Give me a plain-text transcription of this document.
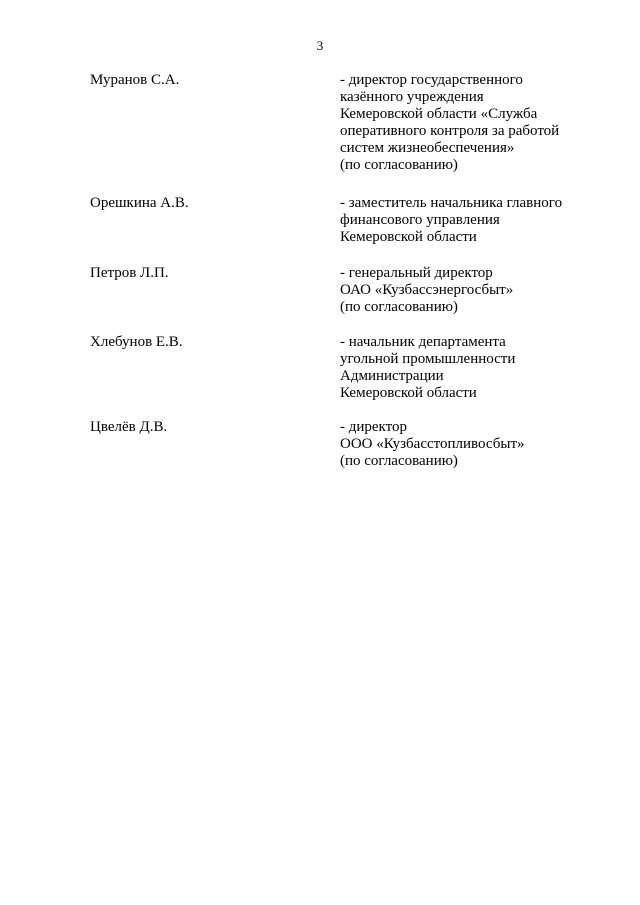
3
Муранов С.А.	- директор государственного
казённого учреждения
Кемеровской области «Служба
оперативного контроля за работой
систем жизнеобеспечения»
(по согласованию)
Орешкина А.В.	- заместитель начальника главного
финансового управления
Кемеровской области
Петров Л.П.	- генеральный директор
ОАО «Кузбассэнергосбыт»
(по согласованию)
Хлебунов Е.В.	- начальник департамента
угольной промышленности
Администрации
Кемеровской области
Цвелёв Д.В.	- директор
ООО «Кузбасстопливосбыт»
(по согласованию)
